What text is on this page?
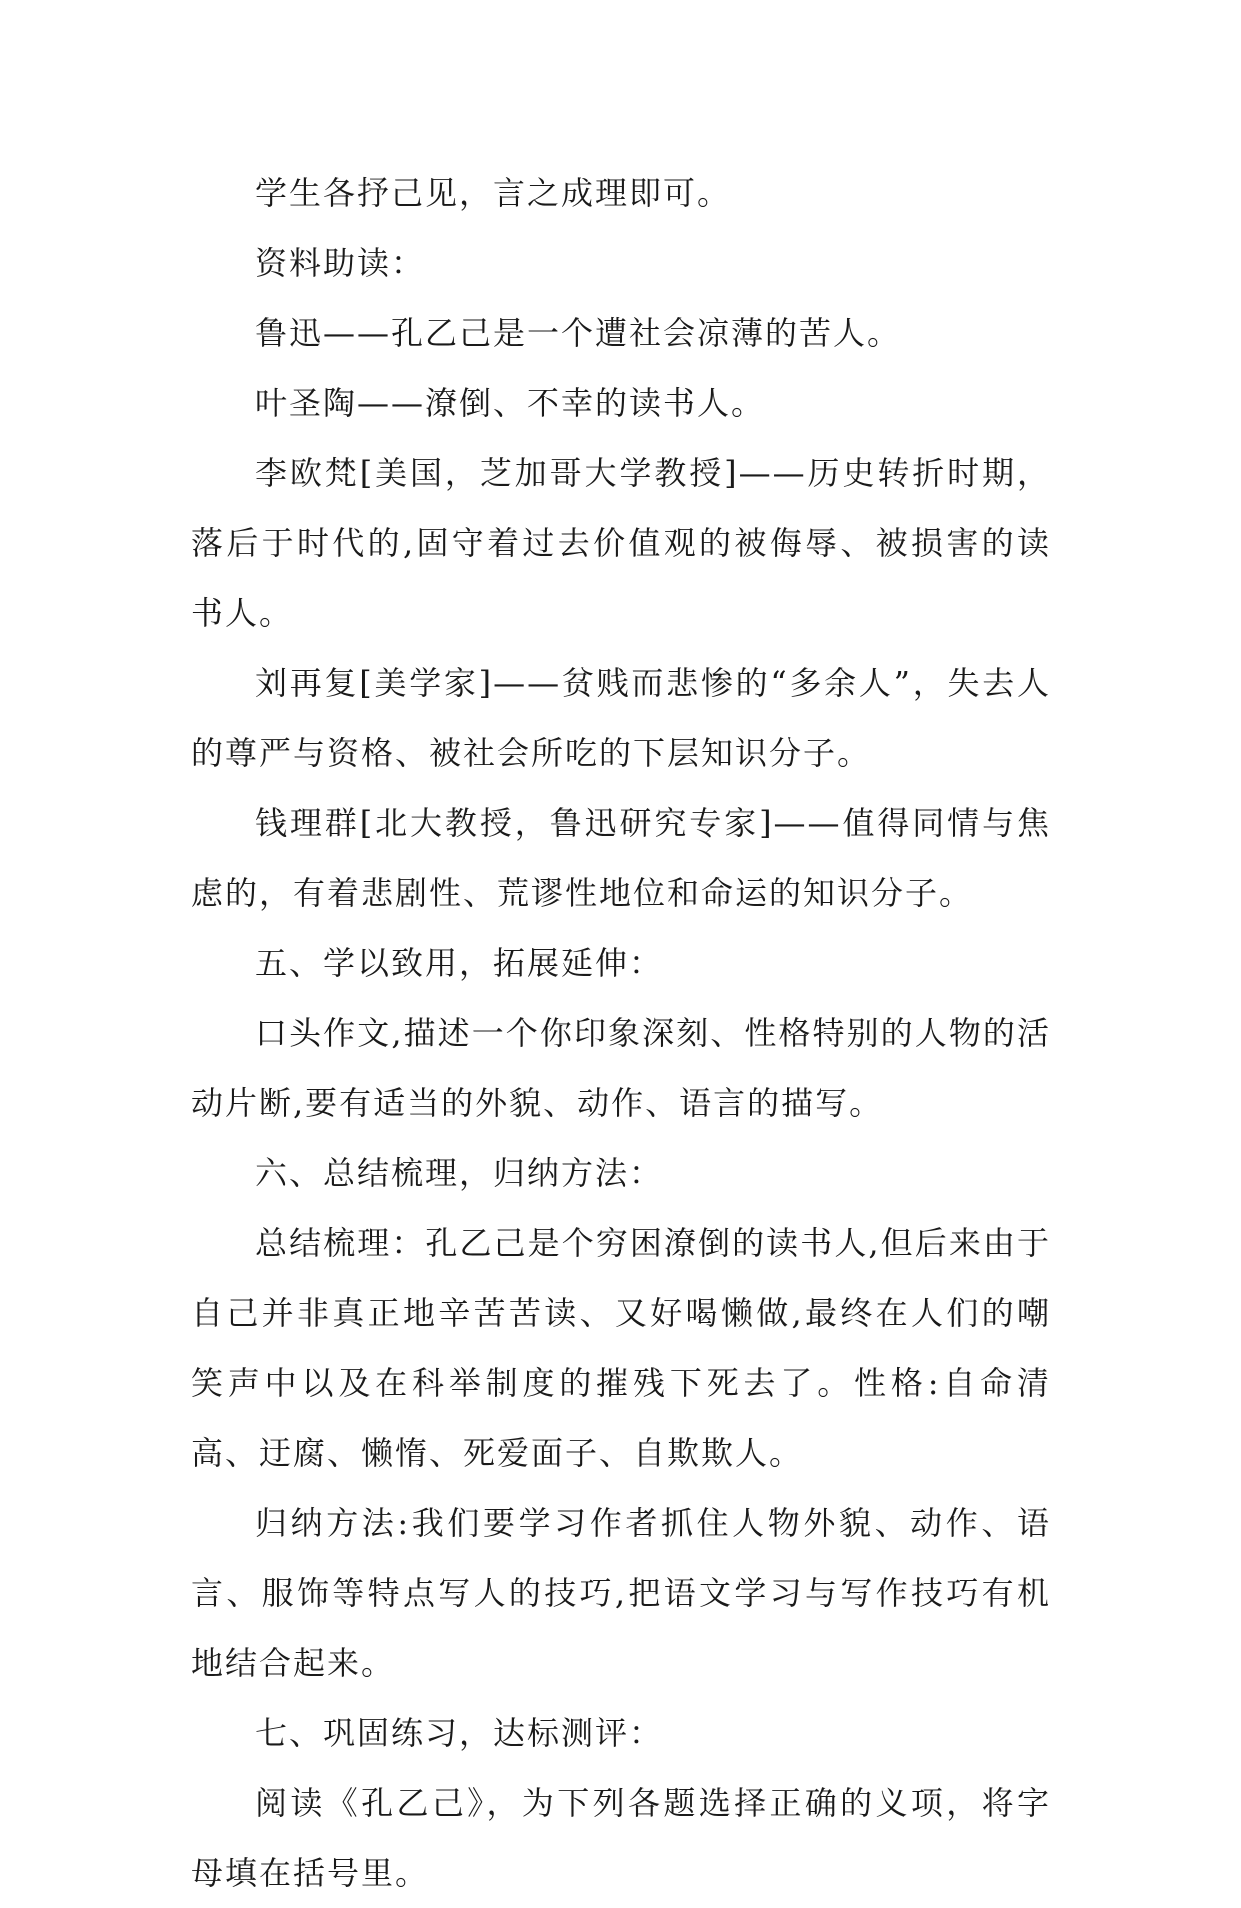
学生各抒己见，言之成理即可。

资料助读：

鲁迅——孔乙己是一个遭社会凉薄的苦人。

叶圣陶——潦倒、不幸的读书人。

李欧梵[美国，芝加哥大学教授]——历史转折时期，落后于时代的,固守着过去价值观的被侮辱、被损害的读书人。

刘再复[美学家]——贫贱而悲惨的“多余人”，失去人的尊严与资格、被社会所吃的下层知识分子。

钱理群[北大教授，鲁迅研究专家]——值得同情与焦虑的，有着悲剧性、荒谬性地位和命运的知识分子。

五、学以致用，拓展延伸：

口头作文,描述一个你印象深刻、性格特别的人物的活动片断,要有适当的外貌、动作、语言的描写。

六、总结梳理，归纳方法：

总结梳理：孔乙己是个穷困潦倒的读书人,但后来由于自己并非真正地辛苦苦读、又好喝懒做,最终在人们的嘲笑声中以及在科举制度的摧残下死去了。性格:自命清高、迂腐、懒惰、死爱面子、自欺欺人。

归纳方法:我们要学习作者抓住人物外貌、动作、语言、服饰等特点写人的技巧,把语文学习与写作技巧有机地结合起来。

七、巩固练习，达标测评：

阅读《孔乙己》，为下列各题选择正确的义项，将字母填在括号里。
